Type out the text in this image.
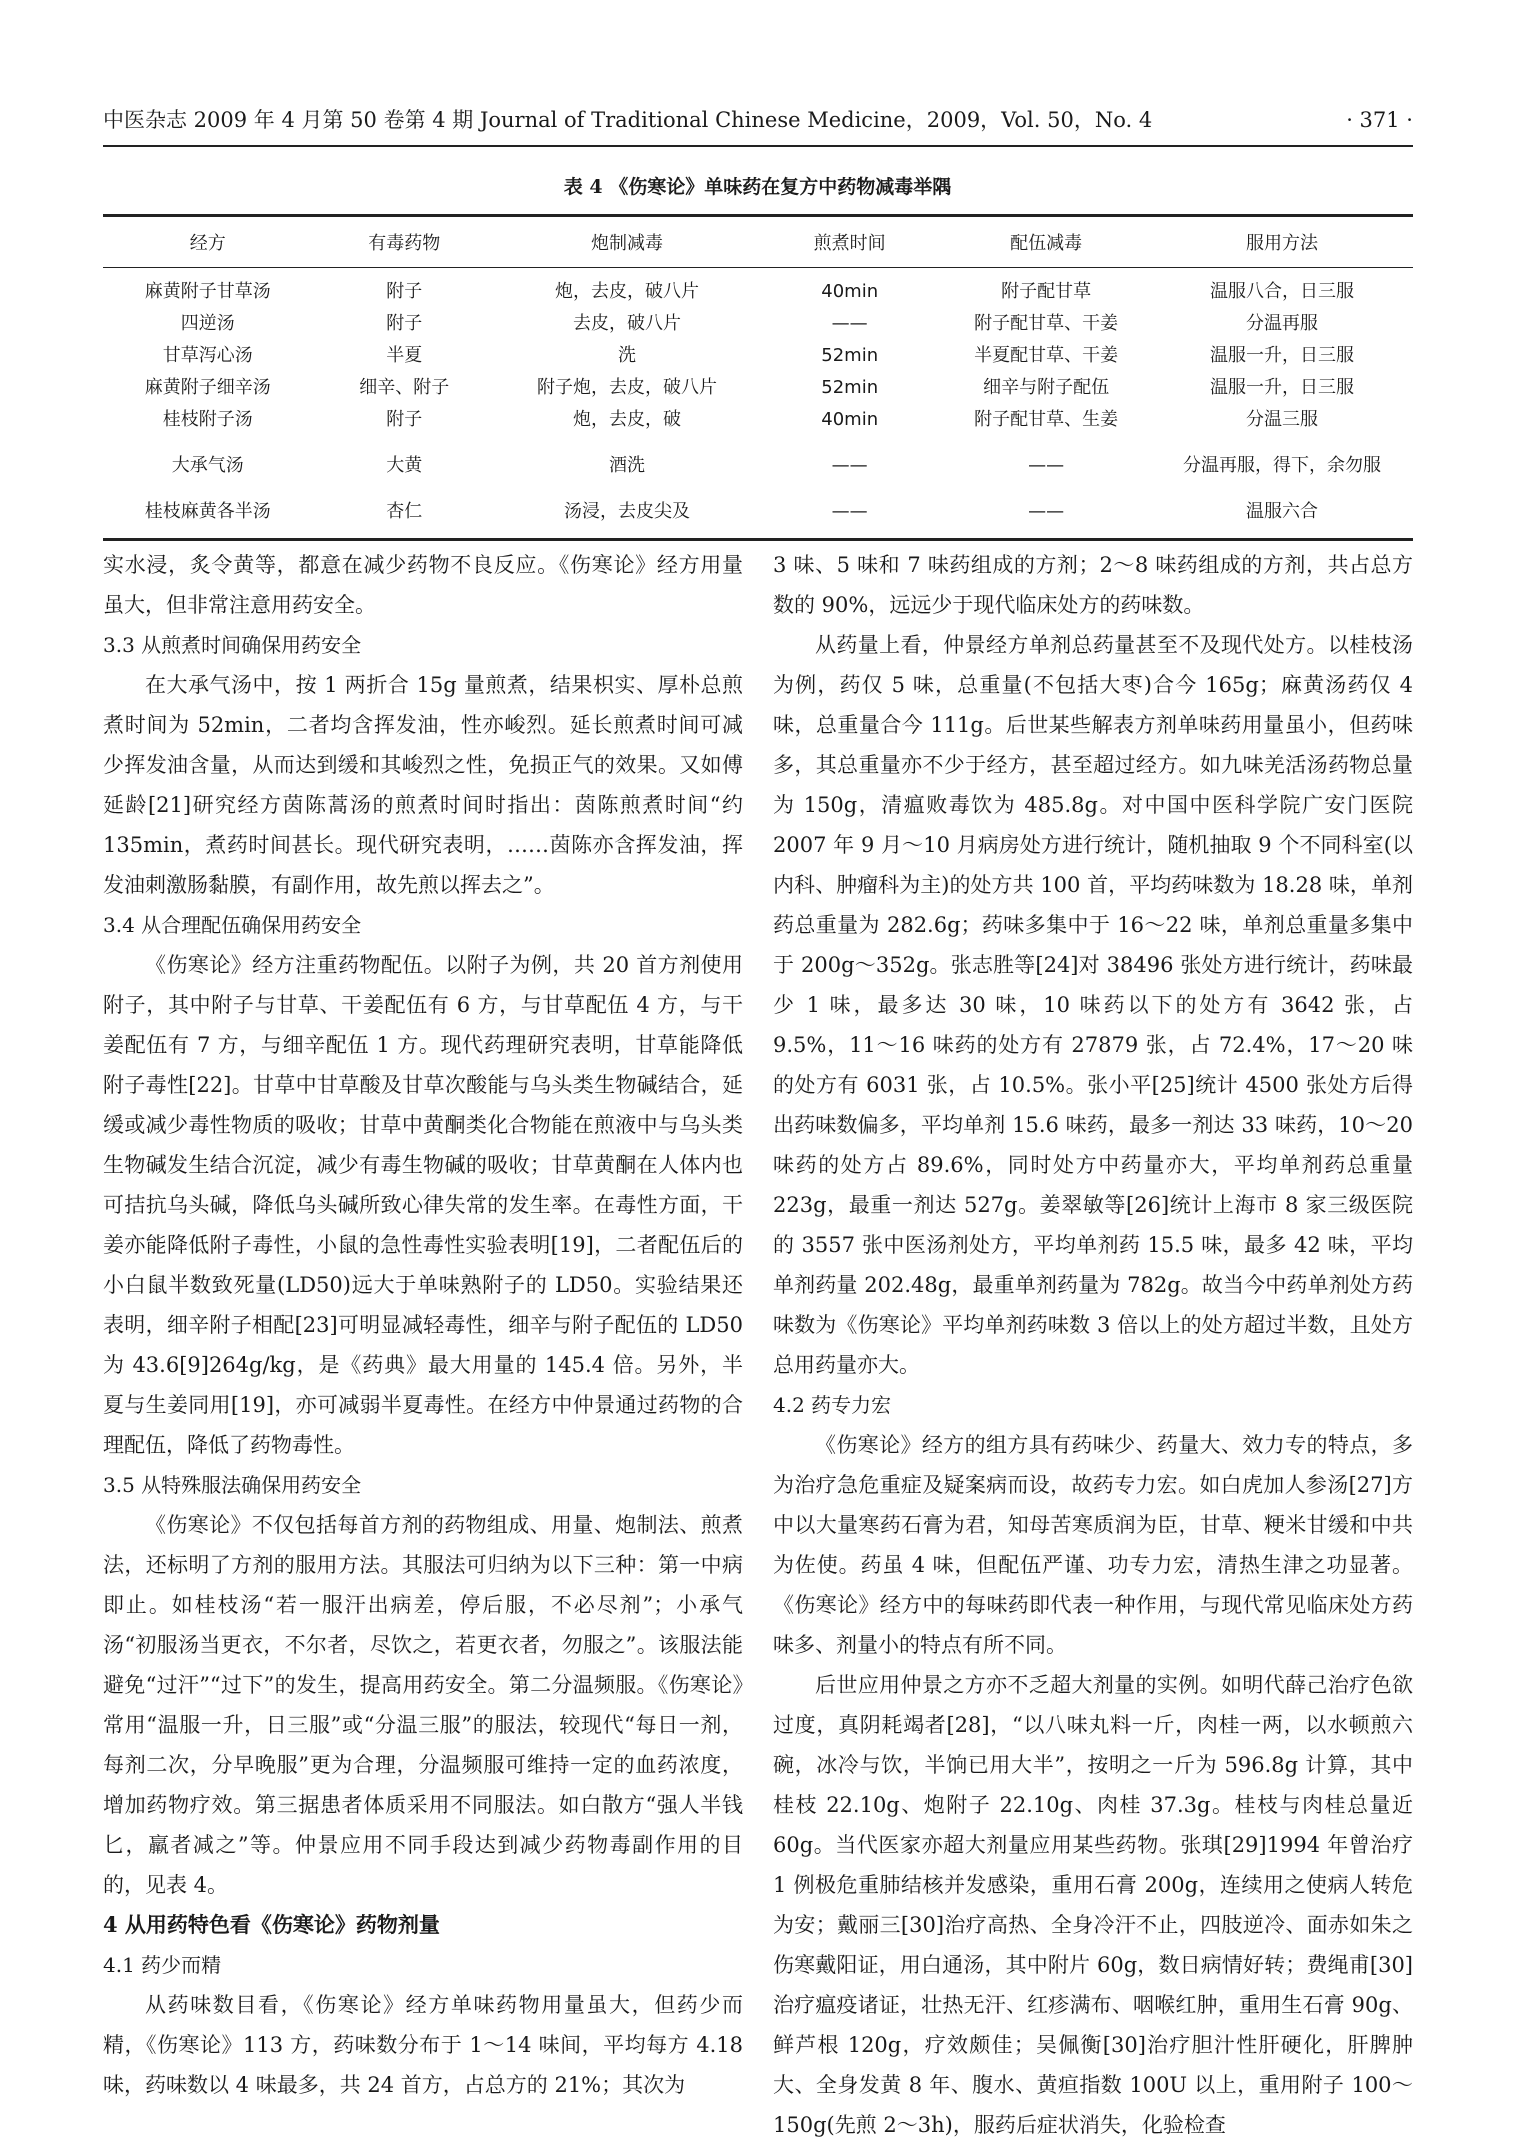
中医杂志 2009 年 4 月第 50 卷第 4 期 Journal of Traditional Chinese Medicine，2009，Vol. 50，No. 4	· 371 ·
表 4 《伤寒论》单味药在复方中药物减毒举隅
经方	有毒药物	炮制减毒	煎煮时间	配伍减毒	服用方法
麻黄附子甘草汤	附子	炮，去皮，破八片	40min	附子配甘草	温服八合，日三服
四逆汤	附子	去皮，破八片	——	附子配甘草、干姜	分温再服
甘草泻心汤	半夏	洗	52min	半夏配甘草、干姜	温服一升，日三服
麻黄附子细辛汤	细辛、附子	附子炮，去皮，破八片	52min	细辛与附子配伍	温服一升，日三服
桂枝附子汤	附子	炮，去皮，破	40min	附子配甘草、生姜	分温三服
大承气汤	大黄	酒洗	——	——	分温再服，得下，余勿服
桂枝麻黄各半汤	杏仁	汤浸，去皮尖及	——	——	温服六合

实水浸，炙令黄等，都意在减少药物不良反应。《伤寒论》经方用量虽大，但非常注意用药安全。

3.3 从煎煮时间确保用药安全

在大承气汤中，按 1 两折合 15g 量煎煮，结果枳实、厚朴总煎煮时间为 52min，二者均含挥发油，性亦峻烈。延长煎煮时间可减少挥发油含量，从而达到缓和其峻烈之性，免损正气的效果。又如傅延龄[21]研究经方茵陈蒿汤的煎煮时间时指出：茵陈煎煮时间“约 135min，煮药时间甚长。现代研究表明，……茵陈亦含挥发油，挥发油刺激肠黏膜，有副作用，故先煎以挥去之”。

3.4 从合理配伍确保用药安全

《伤寒论》经方注重药物配伍。以附子为例，共 20 首方剂使用附子，其中附子与甘草、干姜配伍有 6 方，与甘草配伍 4 方，与干姜配伍有 7 方，与细辛配伍 1 方。现代药理研究表明，甘草能降低附子毒性[22]。甘草中甘草酸及甘草次酸能与乌头类生物碱结合，延缓或减少毒性物质的吸收；甘草中黄酮类化合物能在煎液中与乌头类生物碱发生结合沉淀，减少有毒生物碱的吸收；甘草黄酮在人体内也可拮抗乌头碱，降低乌头碱所致心律失常的发生率。在毒性方面，干姜亦能降低附子毒性，小鼠的急性毒性实验表明[19]，二者配伍后的小白鼠半数致死量(LD50)远大于单味熟附子的 LD50。实验结果还表明，细辛附子相配[23]可明显减轻毒性，细辛与附子配伍的 LD50 为 43.6[9]264g/kg，是《药典》最大用量的 145.4 倍。另外，半夏与生姜同用[19]，亦可减弱半夏毒性。在经方中仲景通过药物的合理配伍，降低了药物毒性。

3.5 从特殊服法确保用药安全

《伤寒论》不仅包括每首方剂的药物组成、用量、炮制法、煎煮法，还标明了方剂的服用方法。其服法可归纳为以下三种：第一中病即止。如桂枝汤“若一服汗出病差，停后服，不必尽剂”；小承气汤“初服汤当更衣，不尔者，尽饮之，若更衣者，勿服之”。该服法能避免“过汗”“过下”的发生，提高用药安全。第二分温频服。《伤寒论》常用“温服一升，日三服”或“分温三服”的服法，较现代“每日一剂，每剂二次，分早晚服”更为合理，分温频服可维持一定的血药浓度，增加药物疗效。第三据患者体质采用不同服法。如白散方“强人半钱匕，羸者减之”等。仲景应用不同手段达到减少药物毒副作用的目的，见表 4。

4 从用药特色看《伤寒论》药物剂量
4.1 药少而精

从药味数目看，《伤寒论》经方单味药物用量虽大，但药少而精，《伤寒论》113 方，药味数分布于 1～14 味间，平均每方 4.18 味，药味数以 4 味最多，共 24 首方，占总方的 21%；其次为

3 味、5 味和 7 味药组成的方剂；2～8 味药组成的方剂，共占总方数的 90%，远远少于现代临床处方的药味数。

从药量上看，仲景经方单剂总药量甚至不及现代处方。以桂枝汤为例，药仅 5 味，总重量(不包括大枣)合今 165g；麻黄汤药仅 4 味，总重量合今 111g。后世某些解表方剂单味药用量虽小，但药味多，其总重量亦不少于经方，甚至超过经方。如九味羌活汤药物总量为 150g，清瘟败毒饮为 485.8g。对中国中医科学院广安门医院 2007 年 9 月～10 月病房处方进行统计，随机抽取 9 个不同科室(以内科、肿瘤科为主)的处方共 100 首，平均药味数为 18.28 味，单剂药总重量为 282.6g；药味多集中于 16～22 味，单剂总重量多集中于 200g～352g。张志胜等[24]对 38496 张处方进行统计，药味最少 1 味，最多达 30 味，10 味药以下的处方有 3642 张，占 9.5%，11～16 味药的处方有 27879 张，占 72.4%，17～20 味的处方有 6031 张，占 10.5%。张小平[25]统计 4500 张处方后得出药味数偏多，平均单剂 15.6 味药，最多一剂达 33 味药，10～20 味药的处方占 89.6%，同时处方中药量亦大，平均单剂药总重量 223g，最重一剂达 527g。姜翠敏等[26]统计上海市 8 家三级医院的 3557 张中医汤剂处方，平均单剂药 15.5 味，最多 42 味，平均单剂药量 202.48g，最重单剂药量为 782g。故当今中药单剂处方药味数为《伤寒论》平均单剂药味数 3 倍以上的处方超过半数，且处方总用药量亦大。

4.2 药专力宏

《伤寒论》经方的组方具有药味少、药量大、效力专的特点，多为治疗急危重症及疑案病而设，故药专力宏。如白虎加人参汤[27]方中以大量寒药石膏为君，知母苦寒质润为臣，甘草、粳米甘缓和中共为佐使。药虽 4 味，但配伍严谨、功专力宏，清热生津之功显著。《伤寒论》经方中的每味药即代表一种作用，与现代常见临床处方药味多、剂量小的特点有所不同。

后世应用仲景之方亦不乏超大剂量的实例。如明代薛己治疗色欲过度，真阴耗竭者[28]，“以八味丸料一斤，肉桂一两，以水顿煎六碗，冰冷与饮，半饷已用大半”，按明之一斤为 596.8g 计算，其中桂枝 22.10g、炮附子 22.10g、肉桂 37.3g。桂枝与肉桂总量近 60g。当代医家亦超大剂量应用某些药物。张琪[29]1994 年曾治疗 1 例极危重肺结核并发感染，重用石膏 200g，连续用之使病人转危为安；戴丽三[30]治疗高热、全身冷汗不止，四肢逆冷、面赤如朱之伤寒戴阳证，用白通汤，其中附片 60g，数日病情好转；费绳甫[30]治疗瘟疫诸证，壮热无汗、红疹满布、咽喉红肿，重用生石膏 90g、鲜芦根 120g，疗效颇佳；吴佩衡[30]治疗胆汁性肝硬化，肝脾肿大、全身发黄 8 年、腹水、黄疸指数 100U 以上，重用附子 100～150g(先煎 2～3h)，服药后症状消失，化验检查
